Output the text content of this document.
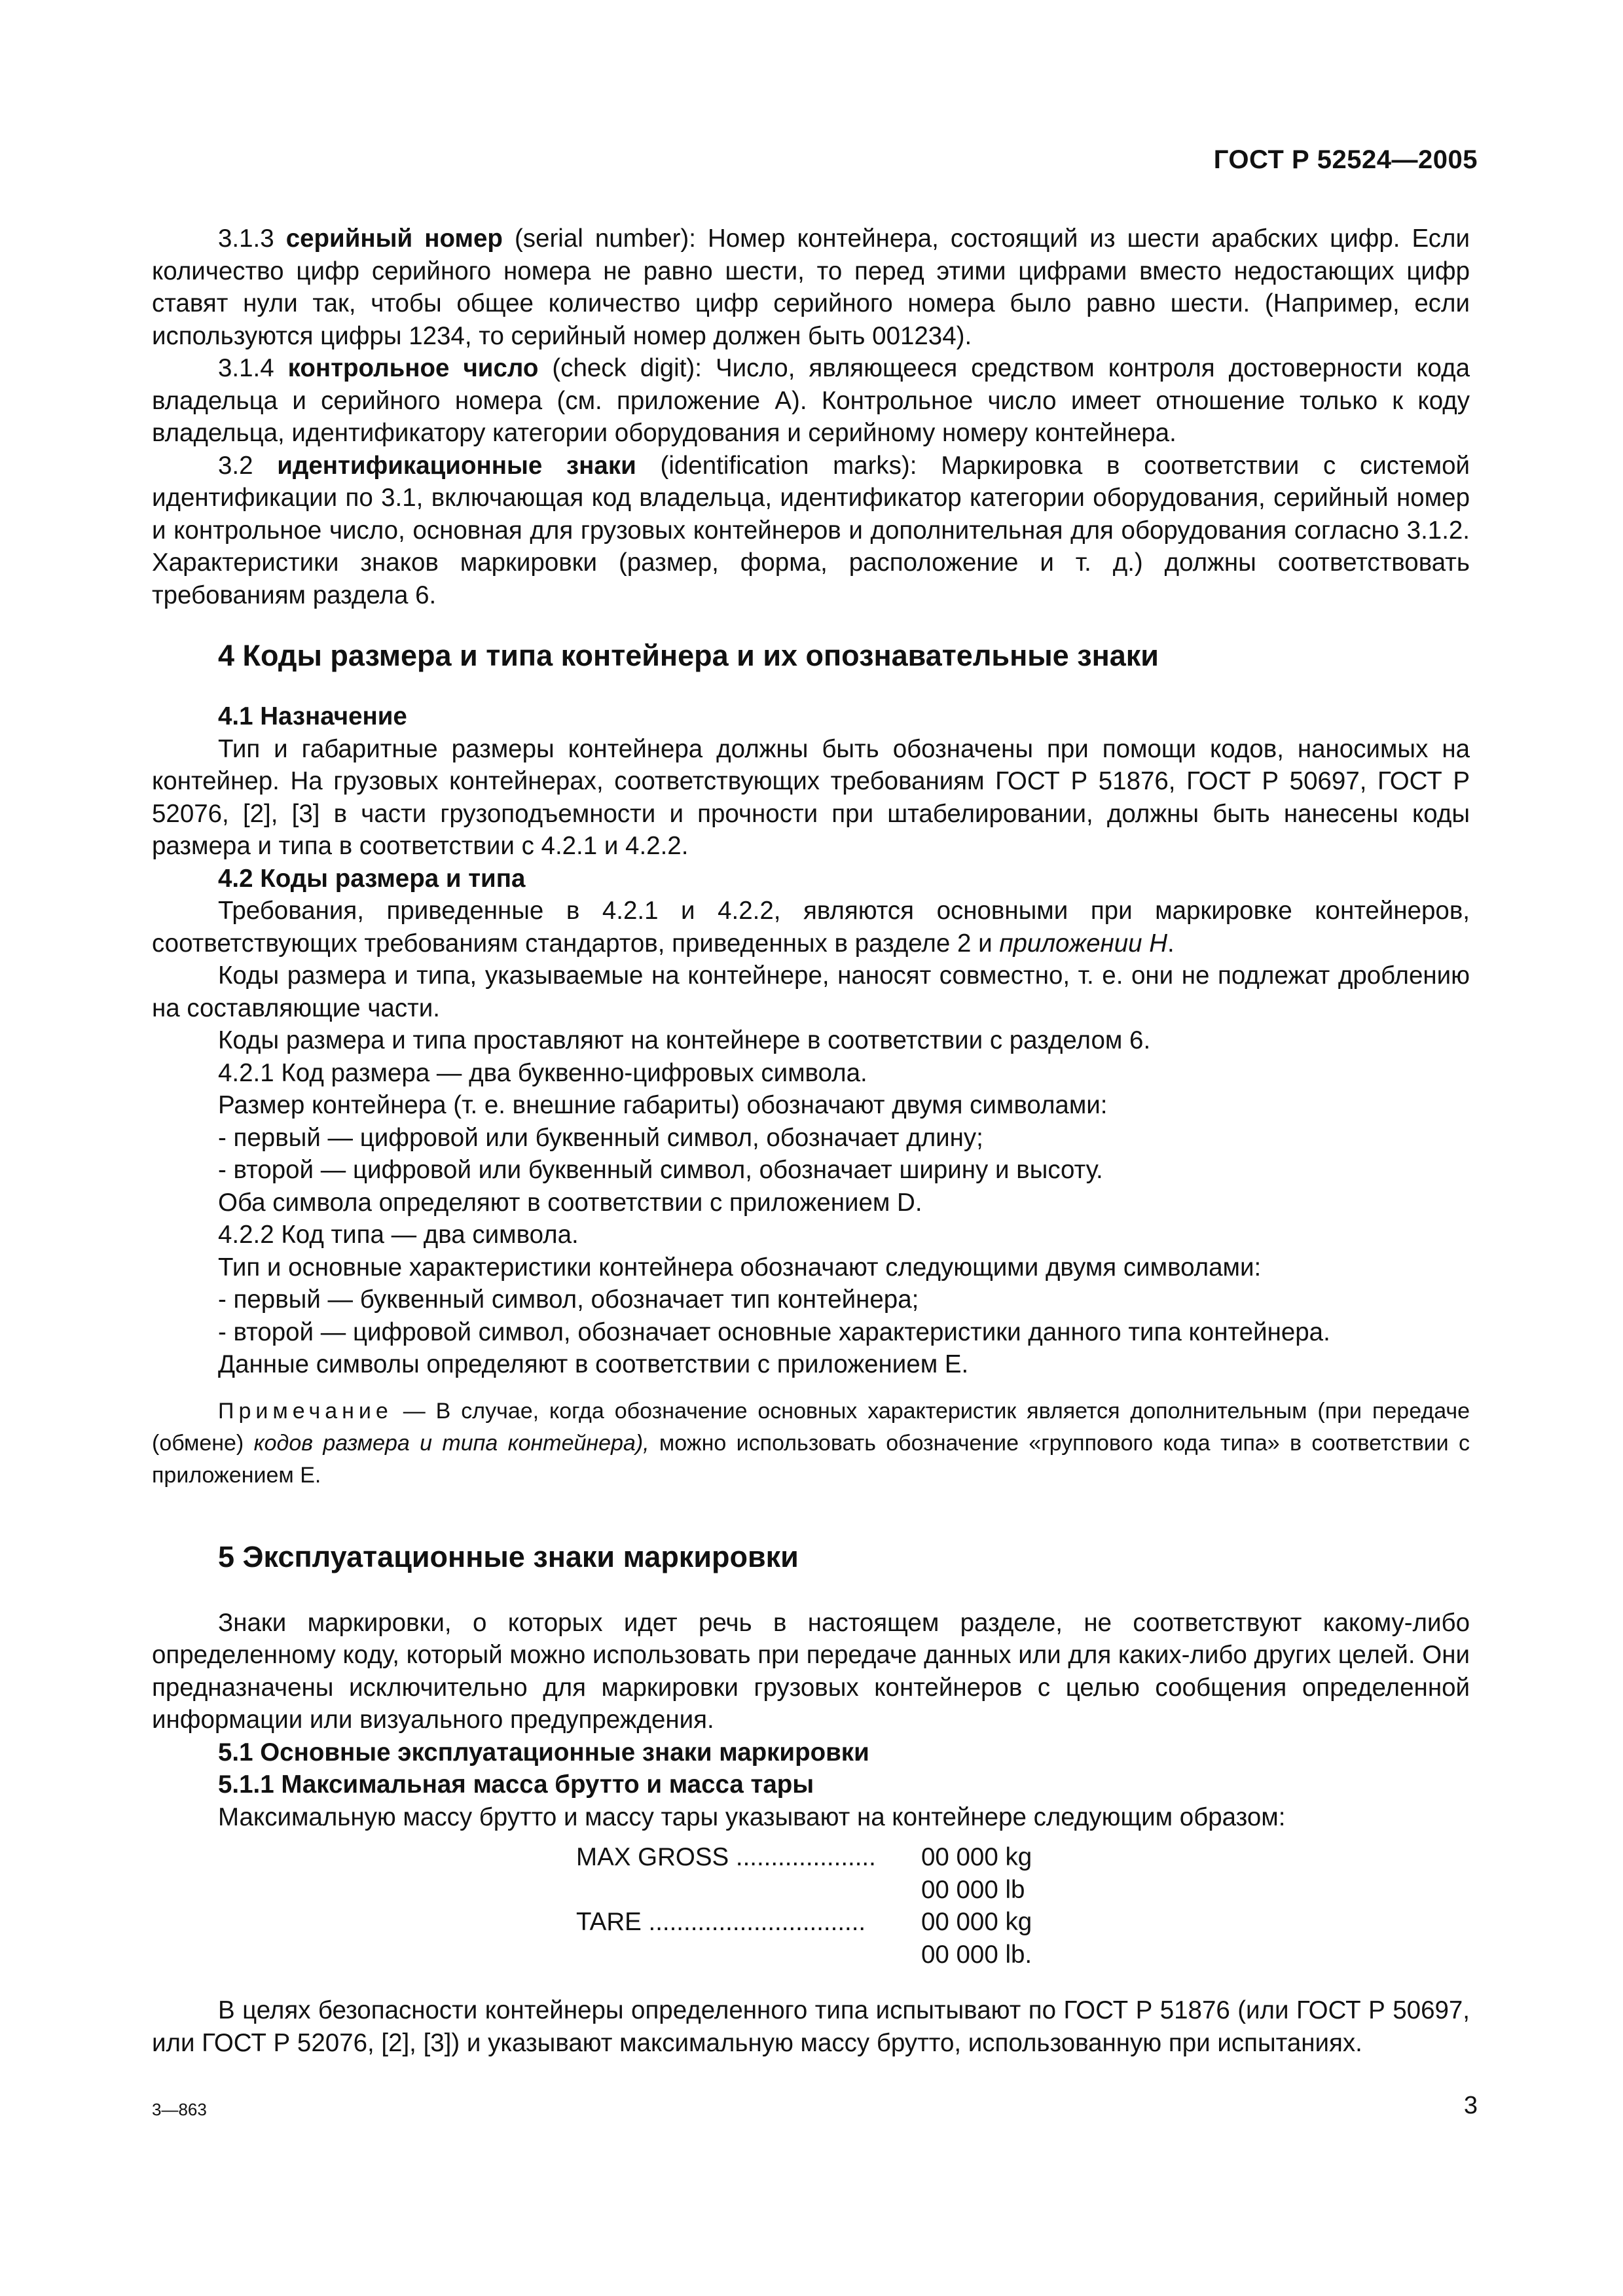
ГОСТ Р 52524—2005

3.1.3 серийный номер (serial number): Номер контейнера, состоящий из шести арабских цифр. Если количество цифр серийного номера не равно шести, то перед этими цифрами вместо недостающих цифр ставят нули так, чтобы общее количество цифр серийного номера было равно шести. (Например, если используются цифры 1234, то серийный номер должен быть 001234).

3.1.4 контрольное число (check digit): Число, являющееся средством контроля достоверности кода владельца и серийного номера (см. приложение А). Контрольное число имеет отношение только к коду владельца, идентификатору категории оборудования и серийному номеру контейнера.

3.2 идентификационные знаки (identification marks): Маркировка в соответствии с системой идентификации по 3.1, включающая код владельца, идентификатор категории оборудования, серийный номер и контрольное число, основная для грузовых контейнеров и дополнительная для оборудования согласно 3.1.2. Характеристики знаков маркировки (размер, форма, расположение и т. д.) должны соответствовать требованиям раздела 6.

4 Коды размера и типа контейнера и их опознавательные знаки

4.1 Назначение

Тип и габаритные размеры контейнера должны быть обозначены при помощи кодов, наносимых на контейнер. На грузовых контейнерах, соответствующих требованиям ГОСТ Р 51876, ГОСТ Р 50697, ГОСТ Р 52076, [2], [3] в части грузоподъемности и прочности при штабелировании, должны быть нанесены коды размера и типа в соответствии с 4.2.1 и 4.2.2.

4.2 Коды размера и типа

Требования, приведенные в 4.2.1 и 4.2.2, являются основными при маркировке контейнеров, соответствующих требованиям стандартов, приведенных в разделе 2 и приложении Н.

Коды размера и типа, указываемые на контейнере, наносят совместно, т. е. они не подлежат дроблению на составляющие части.

Коды размера и типа проставляют на контейнере в соответствии с разделом 6.

4.2.1 Код размера — два буквенно-цифровых символа.

Размер контейнера (т. е. внешние габариты) обозначают двумя символами:

- первый — цифровой или буквенный символ, обозначает длину;

- второй — цифровой или буквенный символ, обозначает ширину и высоту.

Оба символа определяют в соответствии с приложением D.

4.2.2 Код типа — два символа.

Тип и основные характеристики контейнера обозначают следующими двумя символами:

- первый — буквенный символ, обозначает тип контейнера;

- второй — цифровой символ, обозначает основные характеристики данного типа контейнера.

Данные символы определяют в соответствии с приложением Е.

Примечание — В случае, когда обозначение основных характеристик является дополнительным (при передаче (обмене) кодов размера и типа контейнера), можно использовать обозначение «группового кода типа» в соответствии с приложением Е.

5 Эксплуатационные знаки маркировки

Знаки маркировки, о которых идет речь в настоящем разделе, не соответствуют какому-либо определенному коду, который можно использовать при передаче данных или для каких-либо других целей. Они предназначены исключительно для маркировки грузовых контейнеров с целью сообщения определенной информации или визуального предупреждения.

5.1 Основные эксплуатационные знаки маркировки

5.1.1 Максимальная масса брутто и масса тары

Максимальную массу брутто и массу тары указывают на контейнере следующим образом:

MAX GROSS ....................	00 000 kg
	00 000 lb
TARE ...............................	00 000 kg
	00 000 lb.

В целях безопасности контейнеры определенного типа испытывают по ГОСТ Р 51876 (или ГОСТ Р 50697, или ГОСТ Р 52076, [2], [3]) и указывают максимальную массу брутто, использованную при испытаниях.

3—863	3
